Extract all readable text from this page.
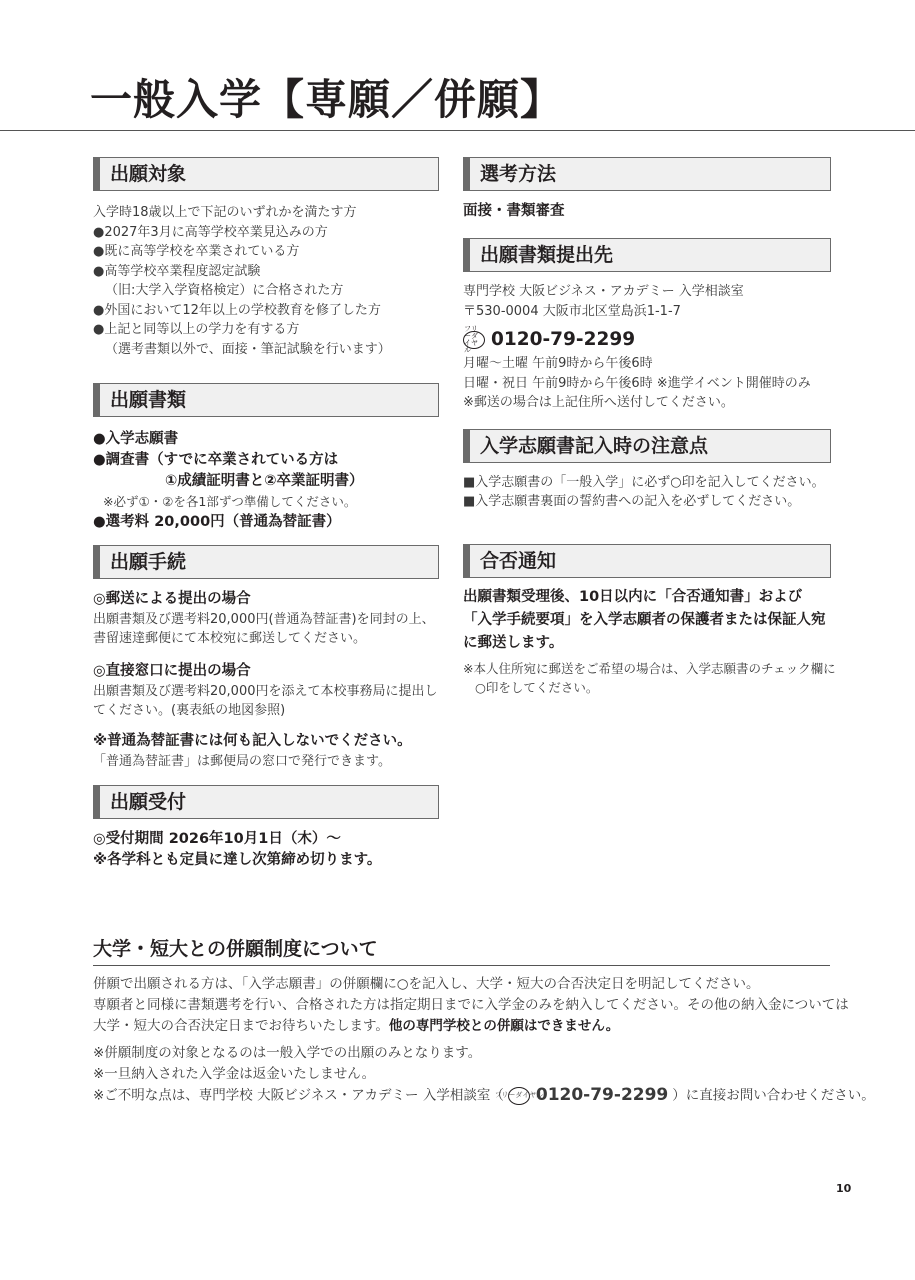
一般入学【専願／併願】
出願対象
入学時18歳以上で下記のいずれかを満たす方
●2027年3月に高等学校卒業見込みの方
●既に高等学校を卒業されている方
●高等学校卒業程度認定試験
（旧:大学入学資格検定）に合格された方
●外国において12年以上の学校教育を修了した方
●上記と同等以上の学力を有する方
（選考書類以外で、面接・筆記試験を行います）
出願書類
●入学志願書
●調査書（すでに卒業されている方は
①成績証明書と②卒業証明書）
※必ず①・②を各1部ずつ準備してください。
●選考料 20,000円（普通為替証書）
出願手続
◎郵送による提出の場合
出願書類及び選考料20,000円(普通為替証書)を同封の上、
書留速達郵便にて本校宛に郵送してください。
◎直接窓口に提出の場合
出願書類及び選考料20,000円を添えて本校事務局に提出し
てください。(裏表紙の地図参照)
※普通為替証書には何も記入しないでください。
「普通為替証書」は郵便局の窓口で発行できます。
出願受付
◎受付期間 2026年10月1日（木）～
※各学科とも定員に達し次第締め切ります。
選考方法
面接・書類審査
出願書類提出先
専門学校 大阪ビジネス・アカデミー 入学相談室
〒530-0004 大阪市北区堂島浜1-1-7
フリーダイヤル	0120-79-2299
月曜～土曜 午前9時から午後6時
日曜・祝日 午前9時から午後6時 ※進学イベント開催時のみ
※郵送の場合は上記住所へ送付してください。
入学志願書記入時の注意点
■入学志願書の「一般入学」に必ず○印を記入してください。
■入学志願書裏面の誓約書への記入を必ずしてください。
合否通知
出願書類受理後、10日以内に「合否通知書」および「入学手続要項」を入学志願者の保護者または保証人宛に郵送します。
※本人住所宛に郵送をご希望の場合は、入学志願書のチェック欄に
○印をしてください。
大学・短大との併願制度について
併願で出願される方は、「入学志願書」の併願欄に○を記入し、大学・短大の合否決定日を明記してください。
専願者と同様に書類選考を行い、合格された方は指定期日までに入学金のみを納入してください。その他の納入金については
大学・短大の合否決定日までお待ちいたします。他の専門学校との併願はできません。
※併願制度の対象となるのは一般入学での出願のみとなります。
※一旦納入された入学金は返金いたしません。
※ご不明な点は、専門学校 大阪ビジネス・アカデミー 入学相談室（
フリーダイヤル
0120-79-2299 ）に直接お問い合わせください。
10
